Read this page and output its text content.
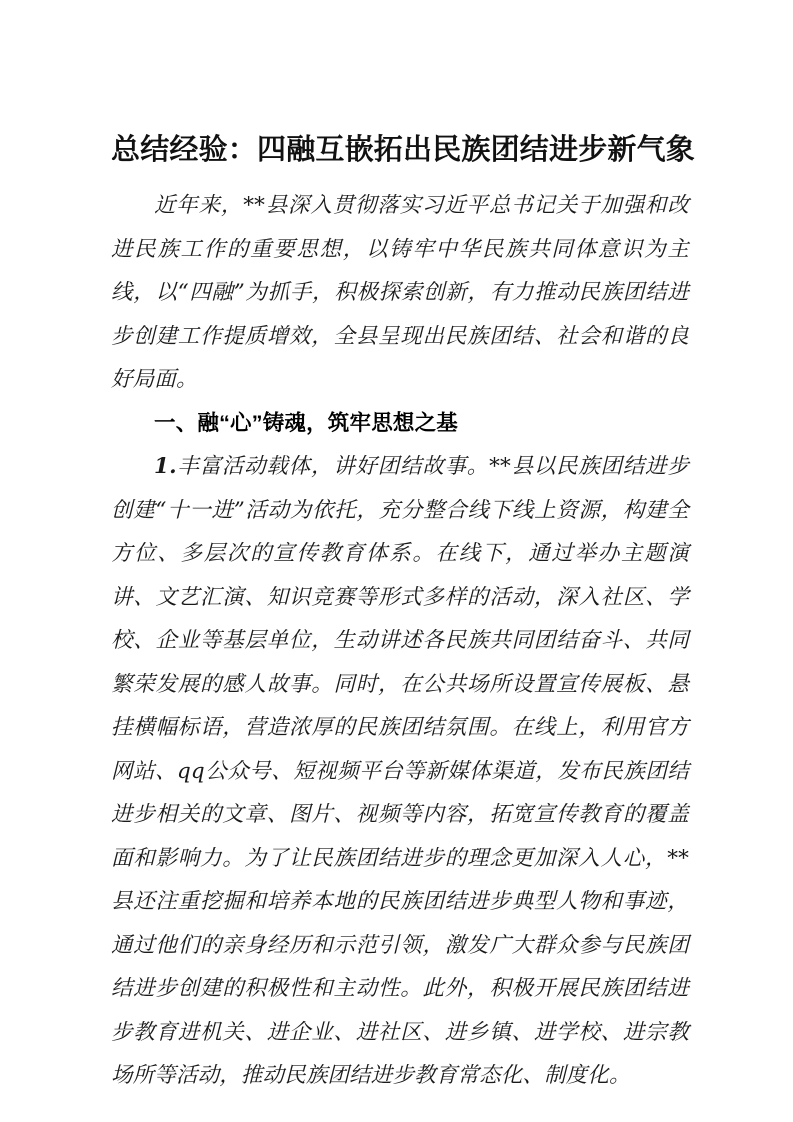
总结经验：四融互嵌拓出民族团结进步新气象

近年来，**县深入贯彻落实习近平总书记关于加强和改进民族工作的重要思想，以铸牢中华民族共同体意识为主线，以“四融”为抓手，积极探索创新，有力推动民族团结进步创建工作提质增效，全县呈现出民族团结、社会和谐的良好局面。

一、融“心”铸魂，筑牢思想之基

1.丰富活动载体，讲好团结故事。**县以民族团结进步创建“十一进”活动为依托，充分整合线下线上资源，构建全方位、多层次的宣传教育体系。在线下，通过举办主题演讲、文艺汇演、知识竞赛等形式多样的活动，深入社区、学校、企业等基层单位，生动讲述各民族共同团结奋斗、共同繁荣发展的感人故事。同时，在公共场所设置宣传展板、悬挂横幅标语，营造浓厚的民族团结氛围。在线上，利用官方网站、qq公众号、短视频平台等新媒体渠道，发布民族团结进步相关的文章、图片、视频等内容，拓宽宣传教育的覆盖面和影响力。为了让民族团结进步的理念更加深入人心，**县还注重挖掘和培养本地的民族团结进步典型人物和事迹，通过他们的亲身经历和示范引领，激发广大群众参与民族团结进步创建的积极性和主动性。此外，积极开展民族团结进步教育进机关、进企业、进社区、进乡镇、进学校、进宗教场所等活动，推动民族团结进步教育常态化、制度化。
